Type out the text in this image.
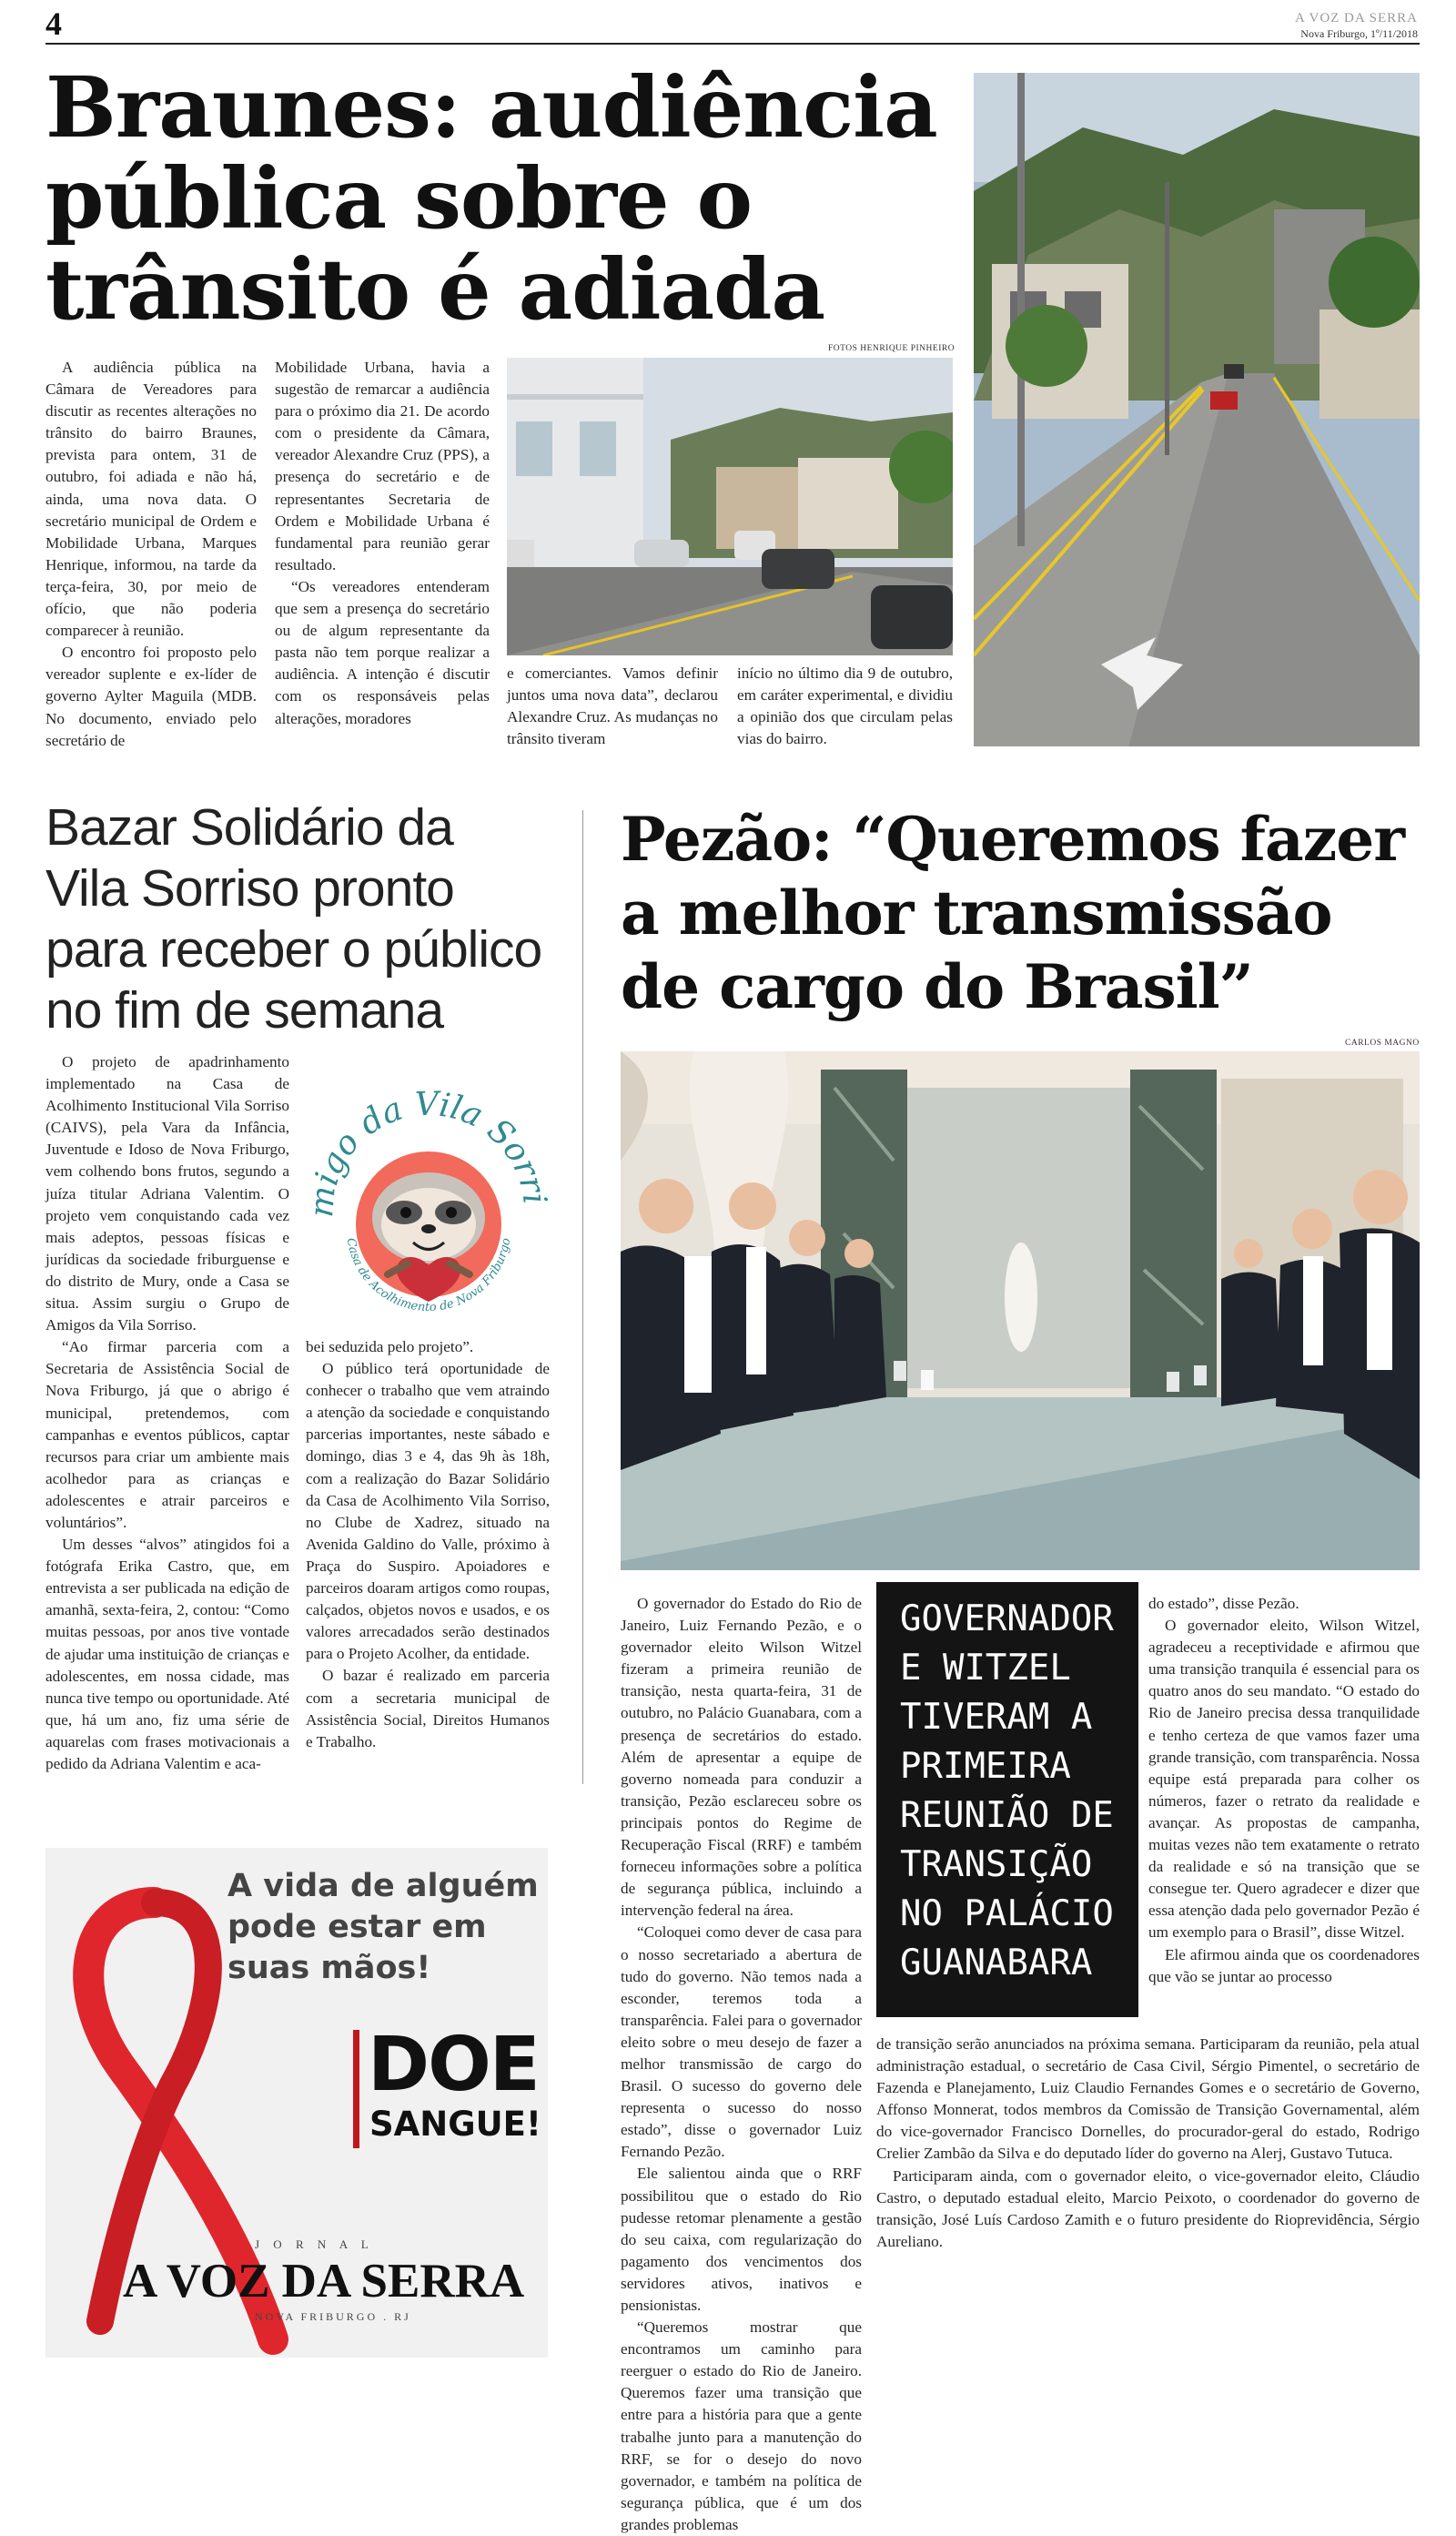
4	A VOZ DA SERRA
Nova Friburgo, 1º/11/2018
Braunes: audiência
pública sobre o
trânsito é adiada
FOTOS HENRIQUE PINHEIRO

A audiência pública na Câmara de Vereadores para discutir as recentes alterações no trânsito do bairro Braunes, prevista para ontem, 31 de outubro, foi adiada e não há, ainda, uma nova data. O secretário municipal de Ordem e Mobilidade Urbana, Marques Henrique, informou, na tarde da terça-feira, 30, por meio de ofício, que não poderia comparecer à reunião.

O encontro foi proposto pelo vereador suplente e ex-líder de governo Aylter Maguila (MDB. No documento, enviado pelo secretário de

Mobilidade Urbana, havia a sugestão de remarcar a audiência para o próximo dia 21. De acordo com o presidente da Câmara, vereador Alexandre Cruz (PPS), a presença do secretário e de representantes Secretaria de Ordem e Mobilidade Urbana é fundamental para reunião gerar resultado.

“Os vereadores entenderam que sem a presença do secretário ou de algum representante da pasta não tem porque realizar a audiência. A intenção é discutir com os responsáveis pelas alterações, moradores

e comerciantes. Vamos definir juntos uma nova data”, declarou Alexandre Cruz. As mudanças no trânsito tiveram

início no último dia 9 de outubro, em caráter experimental, e dividiu a opinião dos que circulam pelas vias do bairro.

Bazar Solidário da
Vila Sorriso pronto
para receber o público
no fim de semana
migo da Vila Sorri
Casa de Acolhimento de Nova Friburgo

O projeto de apadrinhamento implementado na Casa de Acolhimento Institucional Vila Sorriso (CAIVS), pela Vara da Infância, Juventude e Idoso de Nova Friburgo, vem colhendo bons frutos, segundo a juíza titular Adriana Valentim. O projeto vem conquistando cada vez mais adeptos, pessoas físicas e jurídicas da sociedade friburguense e do distrito de Mury, onde a Casa se situa. Assim surgiu o Grupo de Amigos da Vila Sorriso.

“Ao firmar parceria com a Secretaria de Assistência Social de Nova Friburgo, já que o abrigo é municipal, pretendemos, com campanhas e eventos públicos, captar recursos para criar um ambiente mais acolhedor para as crianças e adolescentes e atrair parceiros e voluntários”.

Um desses “alvos” atingidos foi a fotógrafa Erika Castro, que, em entrevista a ser publicada na edição de amanhã, sexta-feira, 2, contou: “Como muitas pessoas, por anos tive vontade de ajudar uma instituição de crianças e adolescentes, em nossa cidade, mas nunca tive tempo ou oportunidade. Até que, há um ano, fiz uma série de aquarelas com frases motivacionais a pedido da Adriana Valentim e aca-

bei seduzida pelo projeto”.

O público terá oportunidade de conhecer o trabalho que vem atraindo a atenção da sociedade e conquistando parcerias importantes, neste sábado e domingo, dias 3 e 4, das 9h às 18h, com a realização do Bazar Solidário da Casa de Acolhimento Vila Sorriso, no Clube de Xadrez, situado na Avenida Galdino do Valle, próximo à Praça do Suspiro. Apoiadores e parceiros doaram artigos como roupas, calçados, objetos novos e usados, e os valores arrecadados serão destinados para o Projeto Acolher, da entidade.

O bazar é realizado em parceria com a secretaria municipal de Assistência Social, Direitos Humanos e Trabalho.

A vida de alguém
pode estar em
suas mãos!
DOE
SANGUE!
J O R N A L
A VOZ DA SERRA
NOVA FRIBURGO . RJ
Pezão: “Queremos fazer
a melhor transmissão
de cargo do Brasil”
CARLOS MAGNO
GOVERNADOR
E WITZEL
TIVERAM A
PRIMEIRA
REUNIÃO DE
TRANSIÇÃO
NO PALÁCIO
GUANABARA

O governador do Estado do Rio de Janeiro, Luiz Fernando Pezão, e o governador eleito Wilson Witzel fizeram a primeira reunião de transição, nesta quarta-feira, 31 de outubro, no Palácio Guanabara, com a presença de secretários do estado. Além de apresentar a equipe de governo nomeada para conduzir a transição, Pezão esclareceu sobre os principais pontos do Regime de Recuperação Fiscal (RRF) e também forneceu informações sobre a política de segurança pública, incluindo a intervenção federal na área.

“Coloquei como dever de casa para o nosso secretariado a abertura de tudo do governo. Não temos nada a esconder, teremos toda a transparência. Falei para o governador eleito sobre o meu desejo de fazer a melhor transmissão de cargo do Brasil. O sucesso do governo dele representa o sucesso do nosso estado”, disse o governador Luiz Fernando Pezão.

Ele salientou ainda que o RRF possibilitou que o estado do Rio pudesse retomar plenamente a gestão do seu caixa, com regularização do pagamento dos vencimentos dos servidores ativos, inativos e pensionistas.

“Queremos mostrar que encontramos um caminho para reerguer o estado do Rio de Janeiro. Queremos fazer uma transição que entre para a história para que a gente trabalhe junto para a manutenção do RRF, se for o desejo do novo governador, e também na política de segurança pública, que é um dos grandes problemas

do estado”, disse Pezão.

O governador eleito, Wilson Witzel, agradeceu a receptividade e afirmou que uma transição tranquila é essencial para os quatro anos do seu mandato. “O estado do Rio de Janeiro precisa dessa tranquilidade e tenho certeza de que vamos fazer uma grande transição, com transparência. Nossa equipe está preparada para colher os números, fazer o retrato da realidade e avançar. As propostas de campanha, muitas vezes não tem exatamente o retrato da realidade e só na transição que se consegue ter. Quero agradecer e dizer que essa atenção dada pelo governador Pezão é um exemplo para o Brasil”, disse Witzel.

Ele afirmou ainda que os coordenadores que vão se juntar ao processo

de transição serão anunciados na próxima semana. Participaram da reunião, pela atual administração estadual, o secretário de Casa Civil, Sérgio Pimentel, o secretário de Fazenda e Planejamento, Luiz Claudio Fernandes Gomes e o secretário de Governo, Affonso Monnerat, todos membros da Comissão de Transição Governamental, além do vice-governador Francisco Dornelles, do procurador-geral do estado, Rodrigo Crelier Zambão da Silva e do deputado líder do governo na Alerj, Gustavo Tutuca.

Participaram ainda, com o governador eleito, o vice-governador eleito, Cláudio Castro, o deputado estadual eleito, Marcio Peixoto, o coordenador do governo de transição, José Luís Cardoso Zamith e o futuro presidente do Rioprevidência, Sérgio Aureliano.
